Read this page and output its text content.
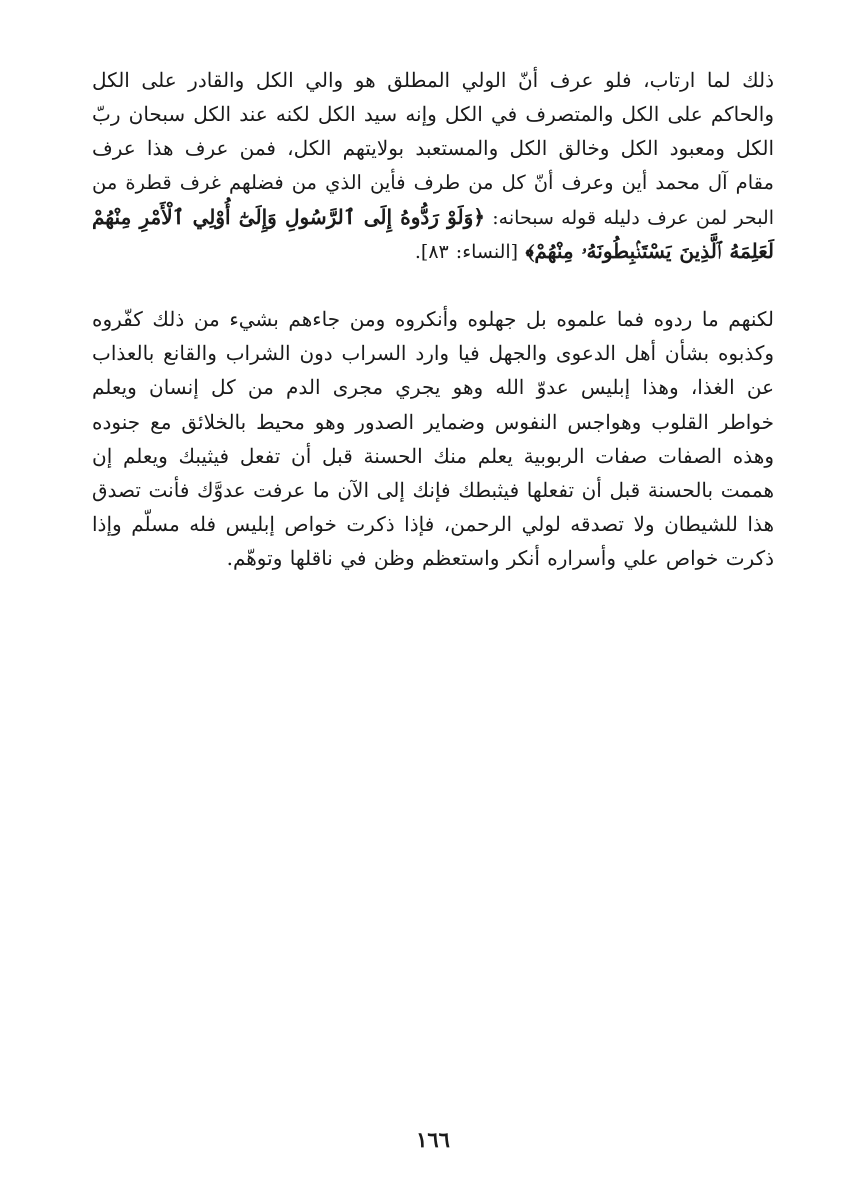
ذلك لما ارتاب، فلو عرف أنّ الولي المطلق هو والي الكل والقادر على الكل
والحاكم على الكل والمتصرف في الكل وإنه سيد الكل لكنه عند الكل سبحان ربّ
الكل ومعبود الكل وخالق الكل والمستعبد بولايتهم الكل، فمن عرف هذا عرف
مقام آل محمد أين وعرف أنّ كل من طرف فأين الذي من فضلهم غرف قطرة من
البحر لمن عرف دليله قوله سبحانه: ﴿وَلَوْ رَدُّوهُ إِلَى ٱلرَّسُولِ وَإِلَىٰٓ أُوْلِي ٱلْأَمْرِ مِنْهُمْ
لَعَلِمَهُ ٱلَّذِينَ يَسْتَنۢبِطُونَهُۥ مِنْهُمْ﴾ [النساء: ٨٣].
لكنهم ما ردوه فما علموه بل جهلوه وأنكروه ومن جاءهم بشيء من ذلك كفّروه
وكذبوه بشأن أهل الدعوى والجهل فيا وارد السراب دون الشراب والقانع بالعذاب
عن الغذا، وهذا إبليس عدوّ الله وهو يجري مجرى الدم من كل إنسان ويعلم
خواطر القلوب وهواجس النفوس وضماير الصدور وهو محيط بالخلائق مع جنوده
وهذه الصفات صفات الربوبية يعلم منك الحسنة قبل أن تفعل فيثيبك ويعلم إن
هممت بالحسنة قبل أن تفعلها فيثبطك فإنك إلى الآن ما عرفت عدوَّك فأنت تصدق
هذا للشيطان ولا تصدقه لولي الرحمن، فإذا ذكرت خواص إبليس فله مسلّم وإذا
ذكرت خواص علي وأسراره أنكر واستعظم وظن في ناقلها وتوهّم.
١٦٦
